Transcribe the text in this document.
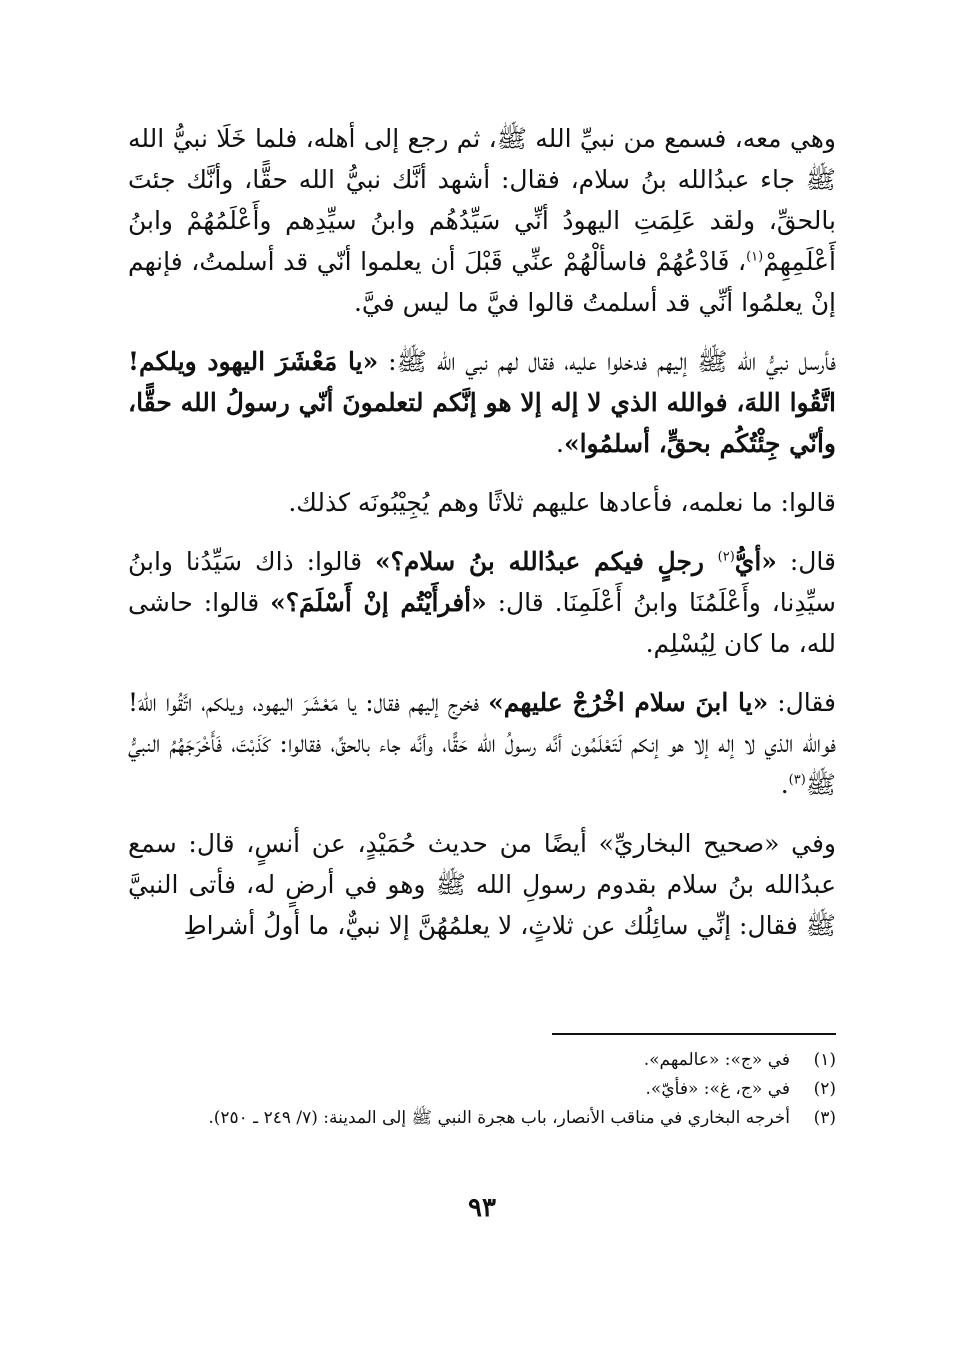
وهي معه، فسمع من نبيِّ الله ﷺ، ثم رجع إلى أهله، فلما خَلَا نبيُّ الله ﷺ جاء عبدُالله بنُ سلام، فقال: أشهد أنَّك نبيُّ الله حقًّا، وأنَّك جئتَ بالحقِّ، ولقد عَلِمَتِ اليهودُ أنِّي سَيِّدُهُم وابنُ سيِّدِهم وأَعْلَمُهُمْ وابنُ أَعْلَمِهِمْ$^{(١)}$، فَادْعُهُمْ فاسألْهُمْ عنِّي قَبْلَ أن يعلموا أنّي قد أسلمتُ، فإنهم إنْ يعلمُوا أنِّي قد أسلمتُ قالوا فيَّ ما ليس فيَّ.

فأرسل نبيُّ الله ﷺ إليهم فدخلوا عليه، فقال لهم نبي الله ﷺ: «يا مَعْشَرَ اليهود ويلكم! اتَّقُوا اللهَ، فوالله الذي لا إله إلا هو إنَّكم لتعلمونَ أنّي رسولُ الله حقًّا، وأنّي جِئْتُكُم بحقٍّ، أسلمُوا».

قالوا: ما نعلمه، فأعادها عليهم ثلاثًا وهم يُجِيْبُونَه كذلك.

قال: «أيُّ$^{(٢)}$ رجلٍ فيكم عبدُالله بنُ سلام؟» قالوا: ذاك سَيِّدُنا وابنُ سيِّدِنا، وأَعْلَمُنَا وابنُ أَعْلَمِنَا. قال: «أفرأَيْتُم إنْ أَسْلَمَ؟» قالوا: حاشى لله، ما كان لِيُسْلِم.

فقال: «يا ابنَ سلام اخْرُجْ عليهم» فخرج إليهم فقال: يا مَعْشَرَ اليهود، ويلكم، اتَّقُوا اللهَ! فوالله الذي لا إله إلا هو إنكم لَتَعْلَمُون أنَّه رسولُ الله حَقًّا، وأنَّه جاء بالحقِّ، فقالوا: كَذَبْتَ، فَأَخْرَجَهُمُ النبيُّ ﷺ$^{(٣)}$.

وفي «صحيح البخاريِّ» أيضًا من حديث حُمَيْدٍ، عن أنسٍ، قال: سمع عبدُالله بنُ سلام بقدوم رسولِ الله ﷺ وهو في أرضٍ له، فأتى النبيَّ ﷺ فقال: إنِّي سائِلُك عن ثلاثٍ، لا يعلمُهُنَّ إلا نبيٌّ، ما أولُ أشراطِ

(١)
في «ج»: «عالمهم».
(٢)
في «ج، غ»: «فأيّ».
(٣)
أخرجه البخاري في مناقب الأنصار، باب هجرة النبي ﷺ إلى المدينة: (٧/ ٢٤٩ ـ ٢٥٠).
٩٣
